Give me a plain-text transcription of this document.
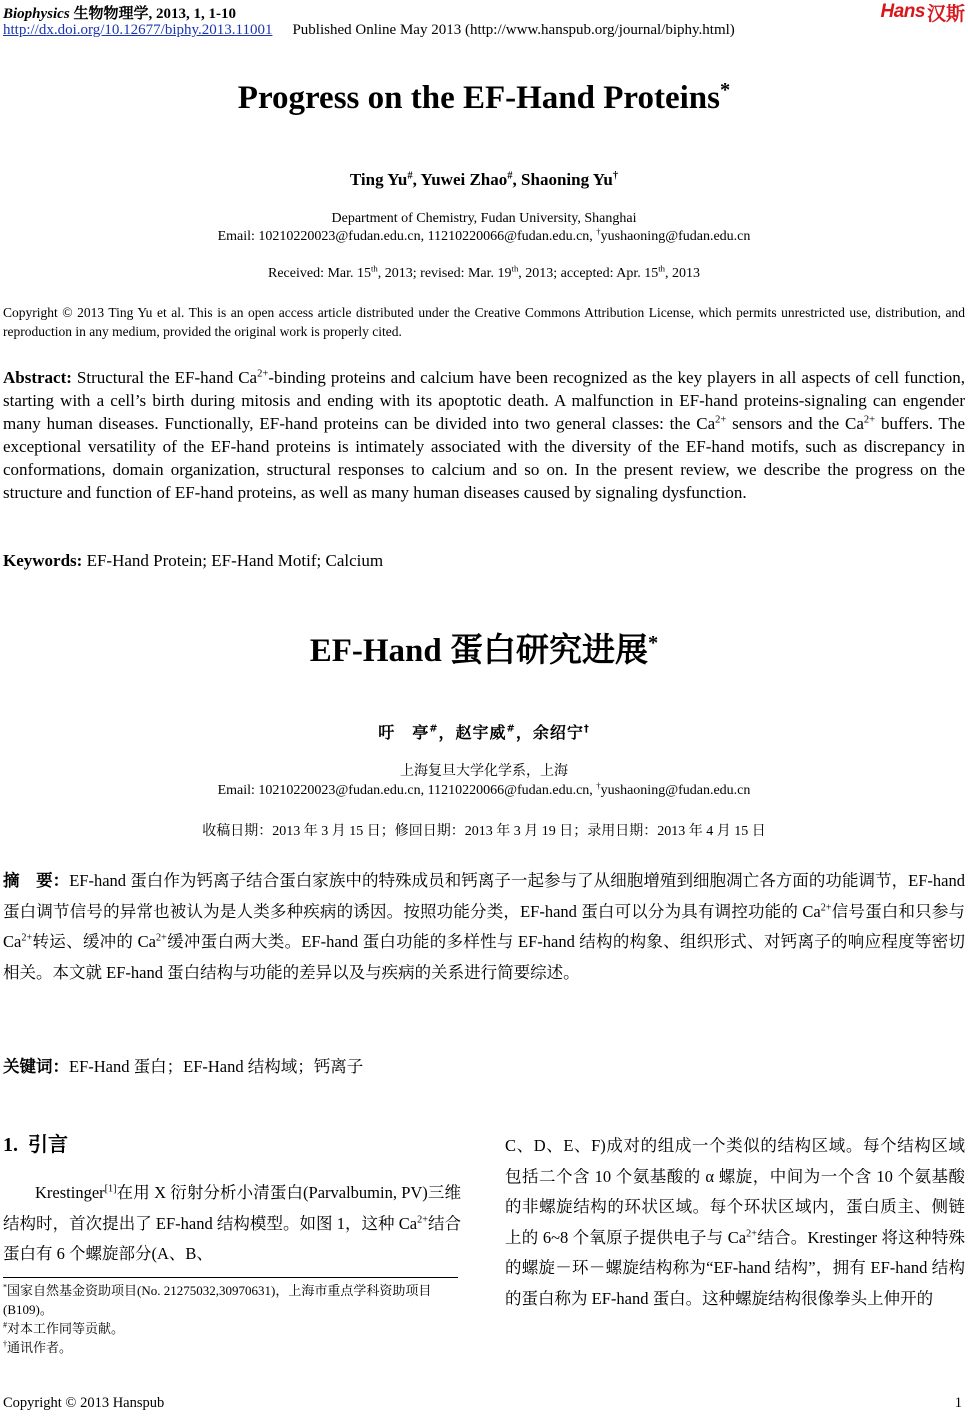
Biophysics 生物物理学, 2013, 1, 1-10	Hans 汉斯
http://dx.doi.org/10.12677/biphy.2013.11001 Published Online May 2013 (http://www.hanspub.org/journal/biphy.html)
Progress on the EF-Hand Proteins*
Ting Yu#, Yuwei Zhao#, Shaoning Yu†
Department of Chemistry, Fudan University, Shanghai
Email: 10210220023@fudan.edu.cn, 11210220066@fudan.edu.cn, †yushaoning@fudan.edu.cn
Received: Mar. 15th, 2013; revised: Mar. 19th, 2013; accepted: Apr. 15th, 2013
Copyright © 2013 Ting Yu et al. This is an open access article distributed under the Creative Commons Attribution License, which permits unrestricted use, distribution, and reproduction in any medium, provided the original work is properly cited.
Abstract: Structural the EF-hand $Ca^{2+}$-binding proteins and calcium have been recognized as the key players in all aspects of cell function, starting with a cell’s birth during mitosis and ending with its apoptotic death. A malfunction in EF-hand proteins-signaling can engender many human diseases. Functionally, EF-hand proteins can be divided into two general classes: the $Ca^{2+}$ sensors and the $Ca^{2+}$ buffers. The exceptional versatility of the EF-hand proteins is intimately associated with the diversity of the EF-hand motifs, such as discrepancy in conformations, domain organization, structural responses to calcium and so on. In the present review, we describe the progress on the structure and function of EF-hand proteins, as well as many human diseases caused by signaling dysfunction.
Keywords: EF-Hand Protein; EF-Hand Motif; Calcium
EF-Hand 蛋白研究进展*
吁　亭#，赵宇威#，余绍宁†
上海复旦大学化学系，上海
Email: 10210220023@fudan.edu.cn, 11210220066@fudan.edu.cn, †yushaoning@fudan.edu.cn
收稿日期：2013 年 3 月 15 日；修回日期：2013 年 3 月 19 日；录用日期：2013 年 4 月 15 日
摘　要：EF-hand 蛋白作为钙离子结合蛋白家族中的特殊成员和钙离子一起参与了从细胞增殖到细胞凋亡各方面的功能调节，EF-hand 蛋白调节信号的异常也被认为是人类多种疾病的诱因。按照功能分类，EF-hand 蛋白可以分为具有调控功能的 $Ca^{2+}$信号蛋白和只参与 $Ca^{2+}$转运、缓冲的 $Ca^{2+}$缓冲蛋白两大类。EF-hand 蛋白功能的多样性与 EF-hand 结构的构象、组织形式、对钙离子的响应程度等密切相关。本文就 EF-hand 蛋白结构与功能的差异以及与疾病的关系进行简要综述。
关键词：EF-Hand 蛋白；EF-Hand 结构域；钙离子
1. 引言
Krestinger[1]在用 X 衍射分析小清蛋白(Parvalbumin, PV)三维结构时，首次提出了 EF-hand 结构模型。如图 1，这种 $Ca^{2+}$结合蛋白有 6 个螺旋部分(A、B、
C、D、E、F)成对的组成一个类似的结构区域。每个结构区域包括二个含 10 个氨基酸的 α 螺旋，中间为一个含 10 个氨基酸的非螺旋结构的环状区域。每个环状区域内，蛋白质主、侧链上的 6~8 个氧原子提供电子与 $Ca^{2+}$结合。Krestinger 将这种特殊的螺旋－环－螺旋结构称为“EF-hand 结构”，拥有 EF-hand 结构的蛋白称为 EF-hand 蛋白。这种螺旋结构很像拳头上伸开的
*国家自然基金资助项目(No. 21275032,30970631)，上海市重点学科资助项目(B109)。
#对本工作同等贡献。
†通讯作者。
Copyright © 2013 Hanspub	1
